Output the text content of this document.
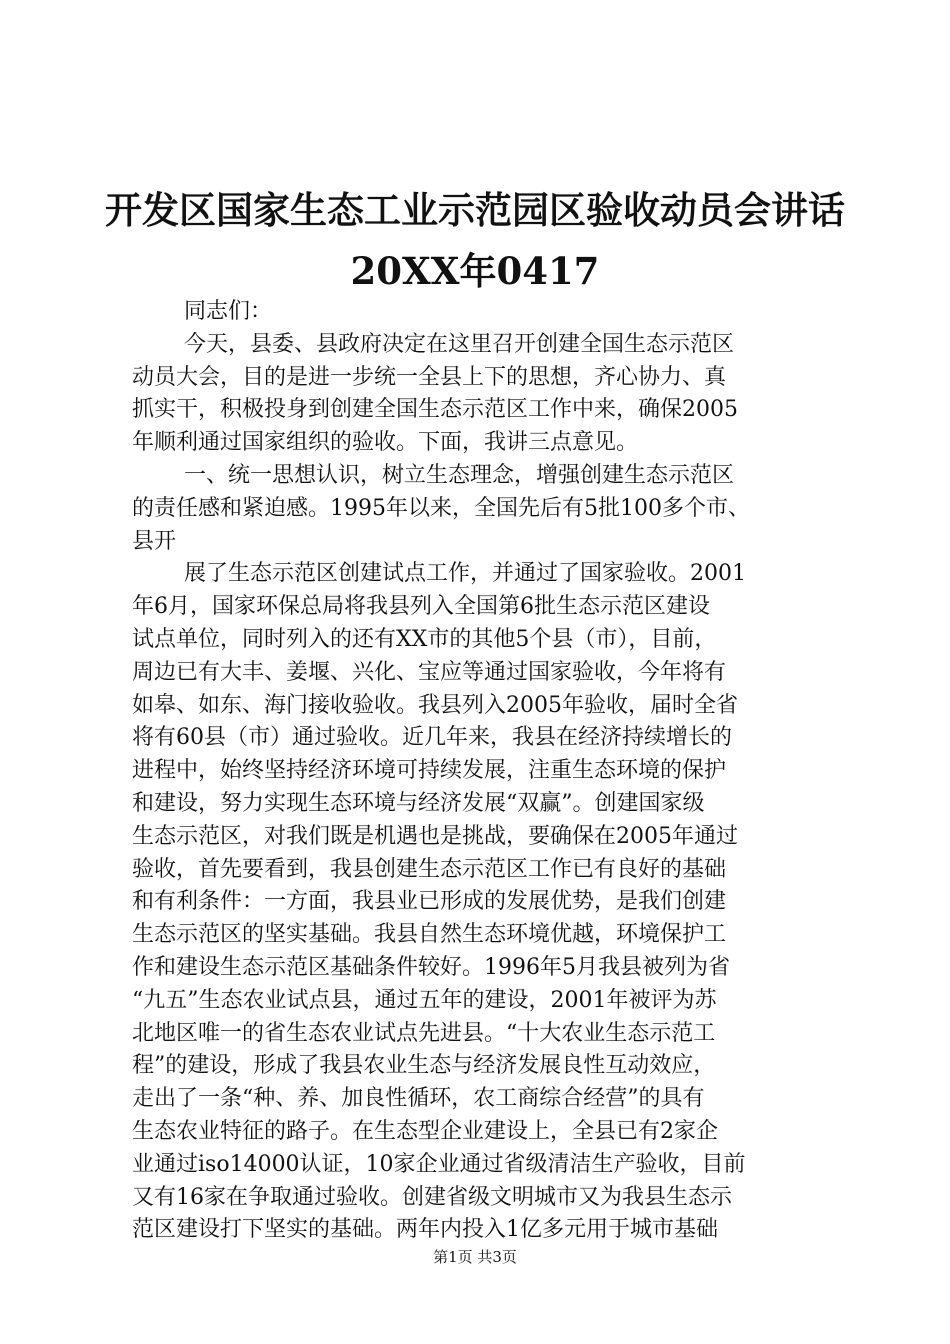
开发区国家生态工业示范园区验收动员会讲话
20XX年0417
同志们：
今天，县委、县政府决定在这里召开创建全国生态示范区
动员大会，目的是进一步统一全县上下的思想，齐心协力、真
抓实干，积极投身到创建全国生态示范区工作中来，确保2005
年顺利通过国家组织的验收。下面，我讲三点意见。
一、统一思想认识，树立生态理念，增强创建生态示范区
的责任感和紧迫感。1995年以来，全国先后有5批100多个市、
县开
展了生态示范区创建试点工作，并通过了国家验收。2001
年6月，国家环保总局将我县列入全国第6批生态示范区建设
试点单位，同时列入的还有XX市的其他5个县（市），目前，
周边已有大丰、姜堰、兴化、宝应等通过国家验收，今年将有
如皋、如东、海门接收验收。我县列入2005年验收，届时全省
将有60县（市）通过验收。近几年来，我县在经济持续增长的
进程中，始终坚持经济环境可持续发展，注重生态环境的保护
和建设，努力实现生态环境与经济发展“双赢”。创建国家级
生态示范区，对我们既是机遇也是挑战，要确保在2005年通过
验收，首先要看到，我县创建生态示范区工作已有良好的基础
和有利条件：一方面，我县业已形成的发展优势，是我们创建
生态示范区的坚实基础。我县自然生态环境优越，环境保护工
作和建设生态示范区基础条件较好。1996年5月我县被列为省
“九五”生态农业试点县，通过五年的建设，2001年被评为苏
北地区唯一的省生态农业试点先进县。“十大农业生态示范工
程”的建设，形成了我县农业生态与经济发展良性互动效应，
走出了一条“种、养、加良性循环，农工商综合经营”的具有
生态农业特征的路子。在生态型企业建设上，全县已有2家企
业通过iso14000认证，10家企业通过省级清洁生产验收，目前
又有16家在争取通过验收。创建省级文明城市又为我县生态示
范区建设打下坚实的基础。两年内投入1亿多元用于城市基础
第1页 共3页
